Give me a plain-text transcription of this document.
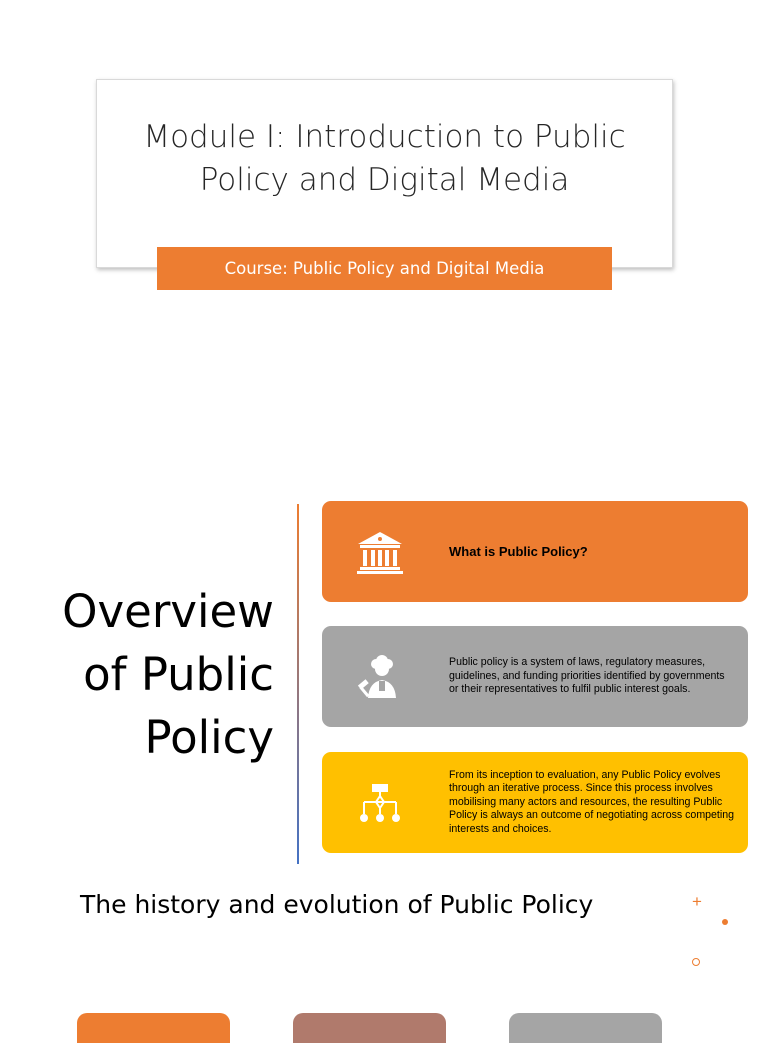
Module I: Introduction to Public Policy and Digital Media
Course: Public Policy and Digital Media
Overview
of Public
Policy
What is Public Policy?
Public policy is a system of laws, regulatory measures, guidelines, and funding priorities identified by governments or their representatives to fulfil public interest goals.
From its inception to evaluation, any Public Policy evolves through an iterative process. Since this process involves mobilising many actors and resources, the resulting Public Policy is always an outcome of negotiating across competing interests and choices.
The history and evolution of Public Policy	+
